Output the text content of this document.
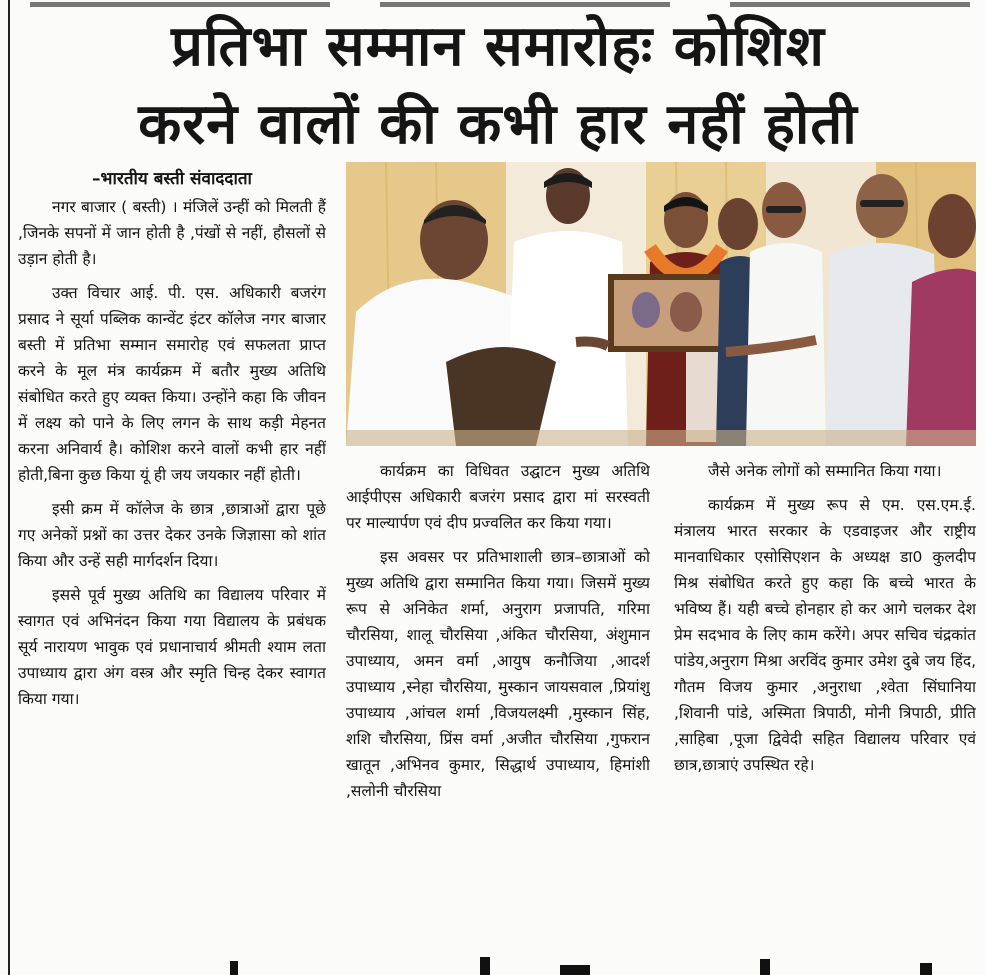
प्रतिभा सम्मान समारोहः कोशिश
करने वालों की कभी हार नहीं होती

–भारतीय बस्ती संवाददाता

नगर बाजार ( बस्ती) । मंजिलें उन्हीं को मिलती हैं ,जिनके सपनों में जान होती है ,पंखों से नहीं, हौसलों से उड़ान होती है।

उक्त विचार आई. पी. एस. अधिकारी बजरंग प्रसाद ने सूर्या पब्लिक कान्वेंट इंटर कॉलेज नगर बाजार बस्ती में प्रतिभा सम्मान समारोह एवं सफलता प्राप्त करने के मूल मंत्र कार्यक्रम में बतौर मुख्य अतिथि संबोधित करते हुए व्यक्त किया। उन्होंने कहा कि जीवन में लक्ष्य को पाने के लिए लगन के साथ कड़ी मेहनत करना अनिवार्य है। कोशिश करने वालों कभी हार नहीं होती,बिना कुछ किया यूं ही जय जयकार नहीं होती।

इसी क्रम में कॉलेज के छात्र ,छात्राओं द्वारा पूछे गए अनेकों प्रश्नों का उत्तर देकर उनके जिज्ञासा को शांत किया और उन्हें सही मार्गदर्शन दिया।

इससे पूर्व मुख्य अतिथि का विद्यालय परिवार में स्वागत एवं अभिनंदन किया गया विद्यालय के प्रबंधक सूर्य नारायण भावुक एवं प्रधानाचार्य श्रीमती श्याम लता उपाध्याय द्वारा अंग वस्त्र और स्मृति चिन्ह देकर स्वागत किया गया।

कार्यक्रम का विधिवत उद्घाटन मुख्य अतिथि आईपीएस अधिकारी बजरंग प्रसाद द्वारा मां सरस्वती पर माल्यार्पण एवं दीप प्रज्वलित कर किया गया।

इस अवसर पर प्रतिभाशाली छात्र–छात्राओं को मुख्य अतिथि द्वारा सम्मानित किया गया। जिसमें मुख्य रूप से अनिकेत शर्मा, अनुराग प्रजापति, गरिमा चौरसिया, शालू चौरसिया ,अंकित चौरसिया, अंशुमान उपाध्याय, अमन वर्मा ,आयुष कनौजिया ,आदर्श उपाध्याय ,स्नेहा चौरसिया, मुस्कान जायसवाल ,प्रियांशु उपाध्याय ,आंचल शर्मा ,विजयलक्ष्मी ,मुस्कान सिंह, शशि चौरसिया, प्रिंस वर्मा ,अजीत चौरसिया ,गुफरान खातून ,अभिनव कुमार, सिद्धार्थ उपाध्याय, हिमांशी ,सलोनी चौरसिया

जैसे अनेक लोगों को सम्मानित किया गया।

कार्यक्रम में मुख्य रूप से एम. एस.एम.ई. मंत्रालय भारत सरकार के एडवाइजर और राष्ट्रीय मानवाधिकार एसोसिएशन के अध्यक्ष डा0 कुलदीप मिश्र संबोधित करते हुए कहा कि बच्चे भारत के भविष्य हैं। यही बच्चे होनहार हो कर आगे चलकर देश प्रेम सदभाव के लिए काम करेंगे। अपर सचिव चंद्रकांत पांडेय,अनुराग मिश्रा अरविंद कुमार उमेश दुबे जय हिंद, गौतम विजय कुमार ,अनुराधा ,श्वेता सिंघानिया ,शिवानी पांडे, अस्मिता त्रिपाठी, मोनी त्रिपाठी, प्रीति ,साहिबा ,पूजा द्विवेदी सहित विद्यालय परिवार एवं छात्र,छात्राएं उपस्थित रहे।
